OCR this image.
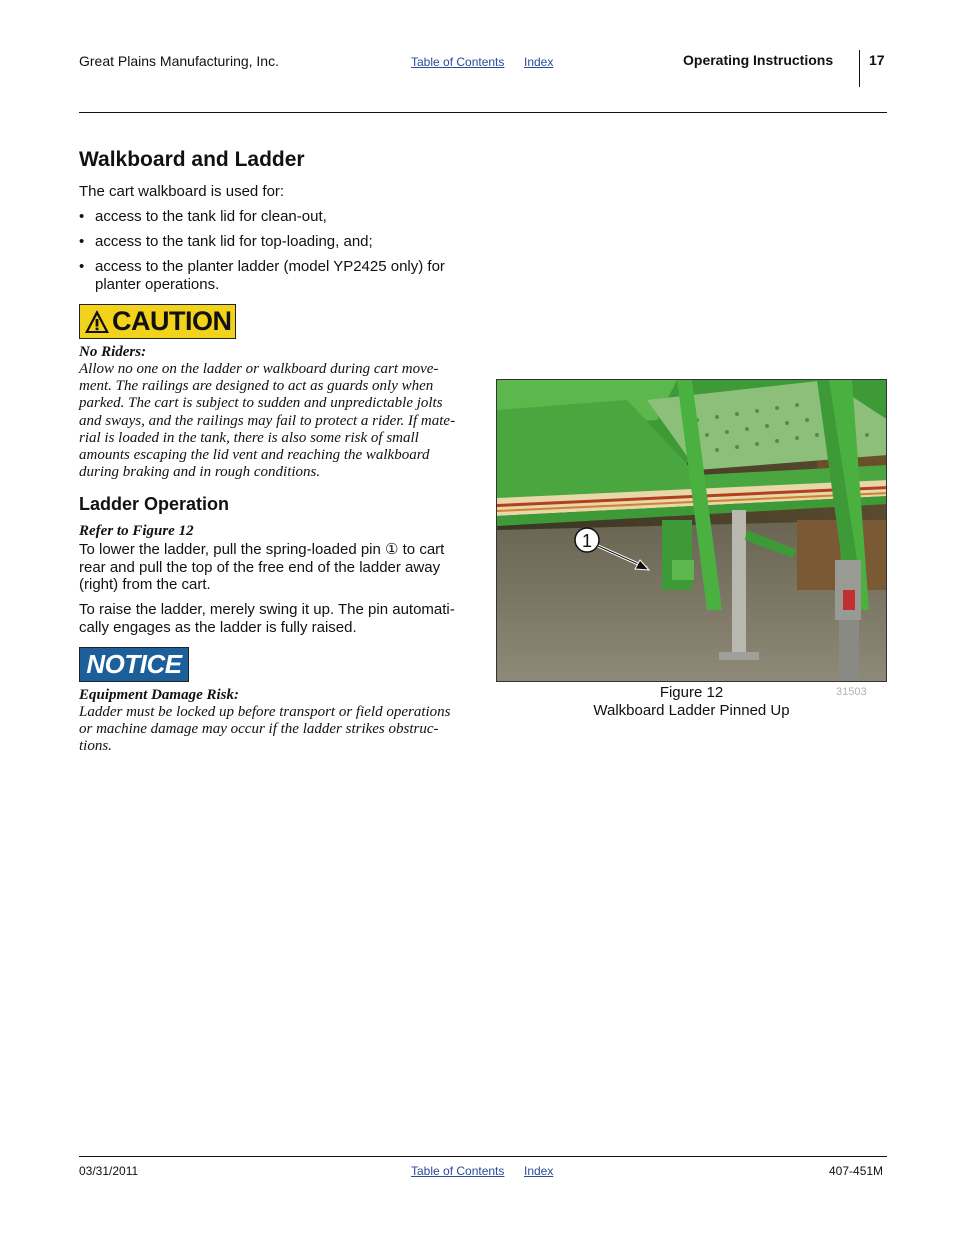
Great Plains Manufacturing, Inc.	Table of Contents Index	Operating Instructions	17
Walkboard and Ladder
The cart walkboard is used for:
• access to the tank lid for clean-out,
• access to the tank lid for top-loading, and;
• access to the planter ladder (model YP2425 only) for
planter operations.
CAUTION
No Riders:
Allow no one on the ladder or walkboard during cart move-
ment. The railings are designed to act as guards only when
parked. The cart is subject to sudden and unpredictable jolts
and sways, and the railings may fail to protect a rider. If mate-
rial is loaded in the tank, there is also some risk of small
amounts escaping the lid vent and reaching the walkboard
during braking and in rough conditions.
Ladder Operation
Refer to Figure 12
To lower the ladder, pull the spring-loaded pin ① to cart
rear and pull the top of the free end of the ladder away
(right) from the cart.
To raise the ladder, merely swing it up. The pin automati-
cally engages as the ladder is fully raised.
NOTICE
Equipment Damage Risk:
Ladder must be locked up before transport or field operations
or machine damage may occur if the ladder strikes obstruc-
tions.
1
Figure 12
Walkboard Ladder Pinned Up
31503
03/31/2011	Table of Contents Index	407-451M
